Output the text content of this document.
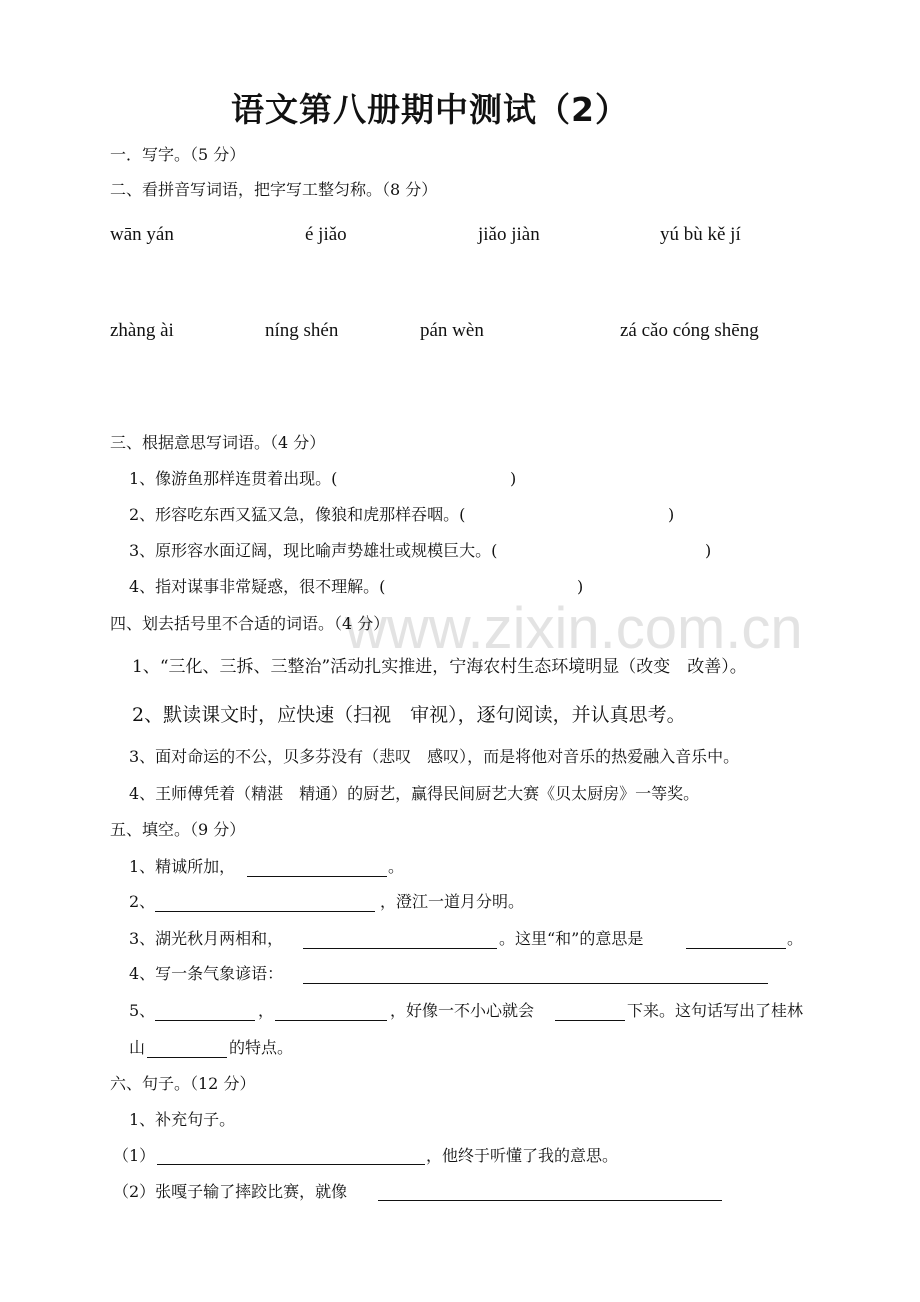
www.zixin.com.cn
语文第八册期中测试（2）
一．写字。（5 分）
二、看拼音写词语，把字写工整匀称。（8 分）
wān yán	é jiǎo	jiǎo jiàn	yú bù kě jí
zhàng ài	níng shén	pán wèn	zá cǎo cóng shēng
三、根据意思写词语。（4 分）
1、像游鱼那样连贯着出现。(	)
2、形容吃东西又猛又急，像狼和虎那样吞咽。(	)
3、原形容水面辽阔，现比喻声势雄壮或规模巨大。(	)
4、指对谋事非常疑惑，很不理解。(	)
四、划去括号里不合适的词语。（4 分）
1、“三化、三拆、三整治”活动扎实推进，宁海农村生态环境明显（改变　改善）。
2、默读课文时，应快速（扫视　审视），逐句阅读，并认真思考。
3、面对命运的不公，贝多芬没有（悲叹　感叹），而是将他对音乐的热爱融入音乐中。
4、王师傅凭着（精湛　精通）的厨艺，赢得民间厨艺大赛《贝太厨房》一等奖。
五、填空。（9 分）
1、精诚所加，	。
2、	，澄江一道月分明。
3、湖光秋月两相和，	。这里“和”的意思是	。
4、写一条气象谚语：
5、	，	，好像一不小心就会	下来。这句话写出了桂林
山	的特点。
六、句子。（12 分）
1、补充句子。
（1）	，他终于听懂了我的意思。
（2）张嘎子输了摔跤比赛，就像
